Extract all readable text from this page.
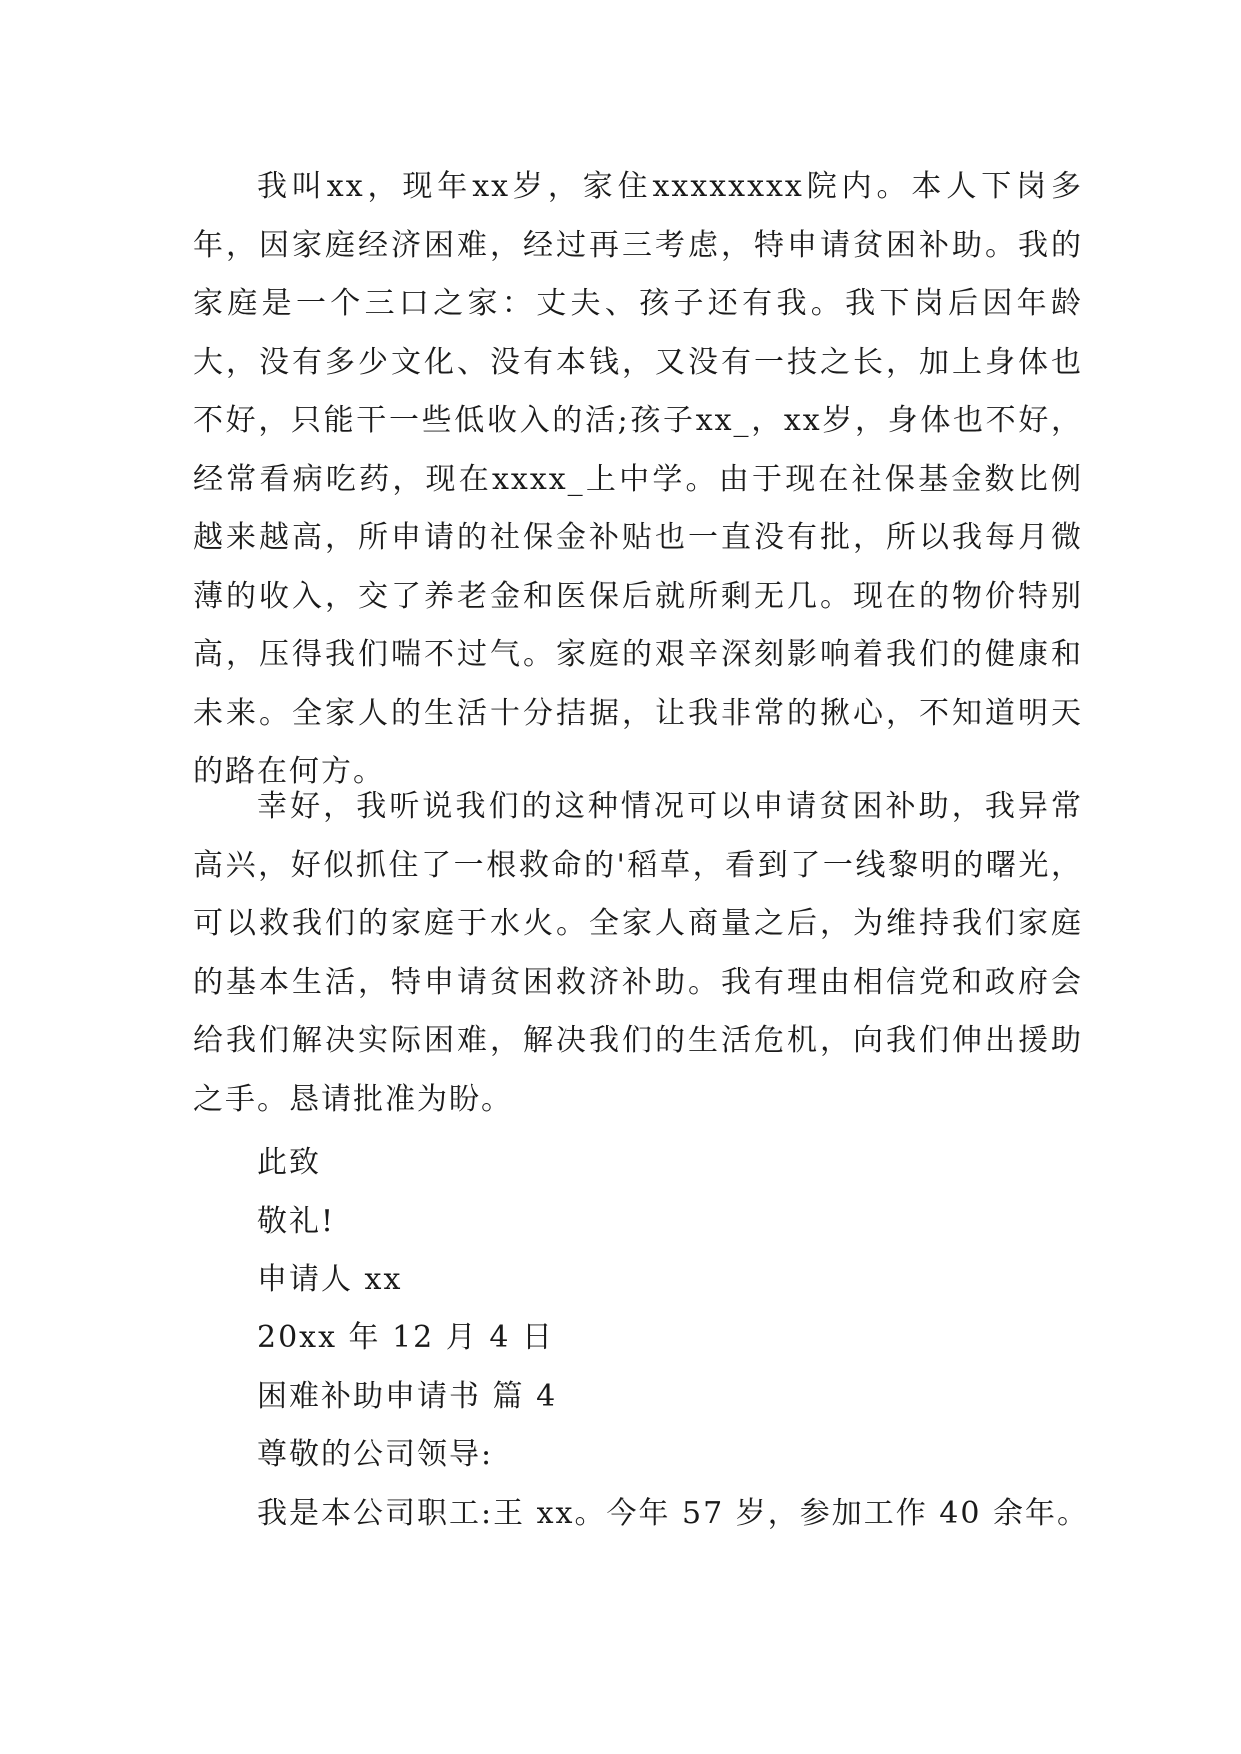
我叫xx，现年xx岁，家住xxxxxxxx院内。本人下岗多年，因家庭经济困难，经过再三考虑，特申请贫困补助。我的家庭是一个三口之家：丈夫、孩子还有我。我下岗后因年龄大，没有多少文化、没有本钱，又没有一技之长，加上身体也不好，只能干一些低收入的活;孩子xx_，xx岁，身体也不好，经常看病吃药，现在xxxx_上中学。由于现在社保基金数比例越来越高，所申请的社保金补贴也一直没有批，所以我每月微薄的收入，交了养老金和医保后就所剩无几。现在的物价特别高，压得我们喘不过气。家庭的艰辛深刻影响着我们的健康和未来。全家人的生活十分拮据，让我非常的揪心，不知道明天的路在何方。

幸好，我听说我们的这种情况可以申请贫困补助，我异常高兴，好似抓住了一根救命的'稻草，看到了一线黎明的曙光，可以救我们的家庭于水火。全家人商量之后，为维持我们家庭的基本生活，特申请贫困救济补助。我有理由相信党和政府会给我们解决实际困难，解决我们的生活危机，向我们伸出援助之手。恳请批准为盼。

此致

敬礼!

申请人 xx

20xx 年 12 月 4 日

困难补助申请书 篇 4

尊敬的公司领导:

我是本公司职工:王 xx。今年 57 岁，参加工作 40 余年。
